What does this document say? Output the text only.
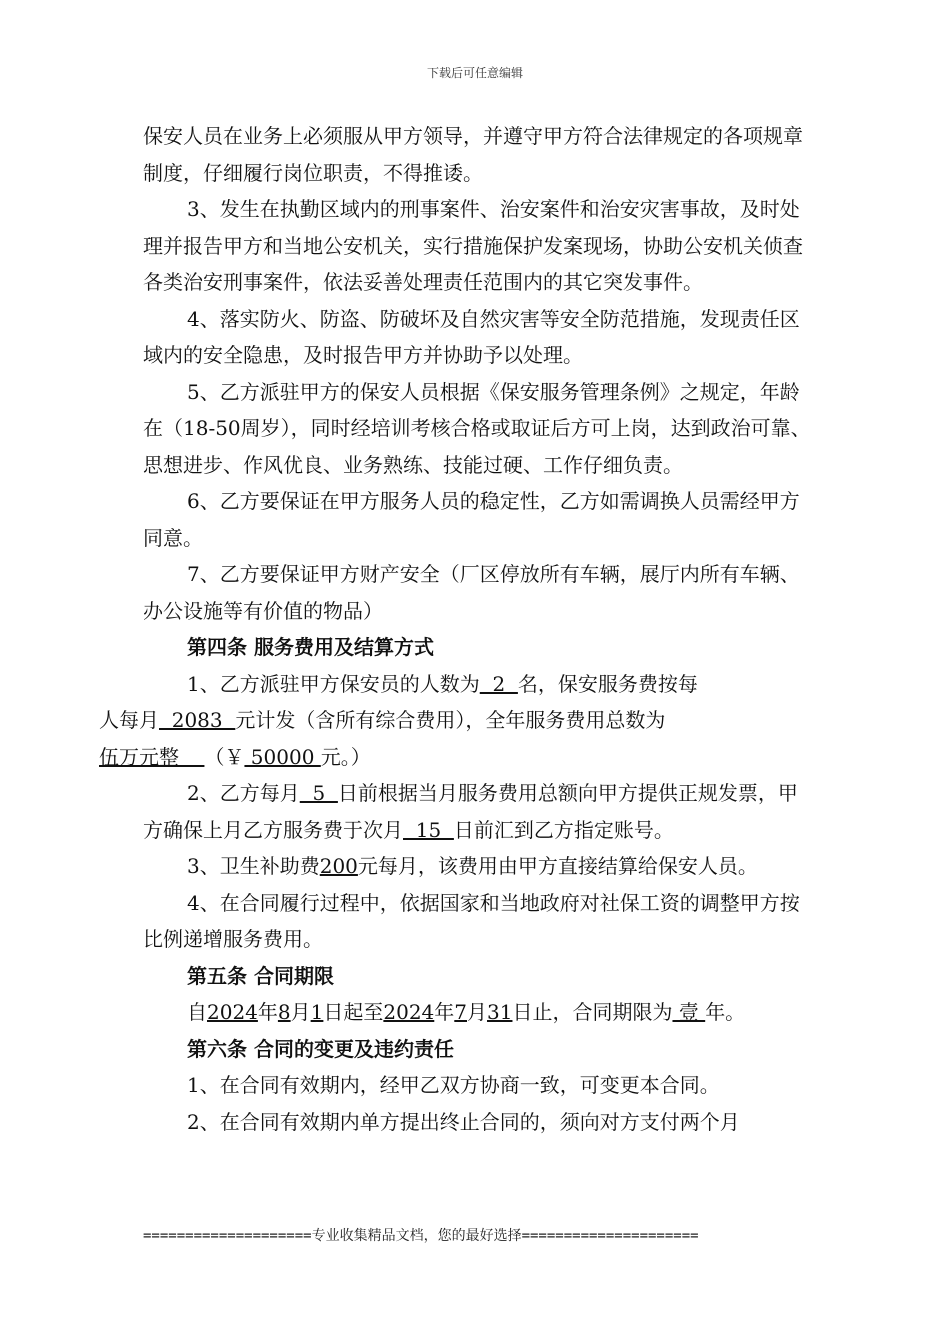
下载后可任意编辑

保安人员在业务上必须服从甲方领导，并遵守甲方符合法律规定的各项规章制度，仔细履行岗位职责，不得推诿。

3、发生在执勤区域内的刑事案件、治安案件和治安灾害事故，及时处理并报告甲方和当地公安机关，实行措施保护发案现场，协助公安机关侦查各类治安刑事案件，依法妥善处理责任范围内的其它突发事件。

4、落实防火、防盗、防破坏及自然灾害等安全防范措施，发现责任区域内的安全隐患，及时报告甲方并协助予以处理。

5、乙方派驻甲方的保安人员根据《保安服务管理条例》之规定，年龄在（18-50周岁），同时经培训考核合格或取证后方可上岗，达到政治可靠、思想进步、作风优良、业务熟练、技能过硬、工作仔细负责。

6、乙方要保证在甲方服务人员的稳定性，乙方如需调换人员需经甲方同意。

7、乙方要保证甲方财产安全（厂区停放所有车辆，展厅内所有车辆、办公设施等有价值的物品）

第四条 服务费用及结算方式

1、乙方派驻甲方保安员的人数为  2  名，保安服务费按每
人每月  2083  元计发（含所有综合费用），全年服务费用总数为
伍万元整    （￥ 50000 元。）

2、乙方每月  5  日前根据当月服务费用总额向甲方提供正规发票，甲方确保上月乙方服务费于次月  15  日前汇到乙方指定账号。

3、卫生补助费200元每月，该费用由甲方直接结算给保安人员。

4、在合同履行过程中，依据国家和当地政府对社保工资的调整甲方按比例递增服务费用。

第五条 合同期限

自2024年8月1日起至2024年7月31日止，合同期限为 壹 年。

第六条 合同的变更及违约责任

1、在合同有效期内，经甲乙双方协商一致，可变更本合同。

2、在合同有效期内单方提出终止合同的，须向对方支付两个月

====================专业收集精品文档，您的最好选择=====================
